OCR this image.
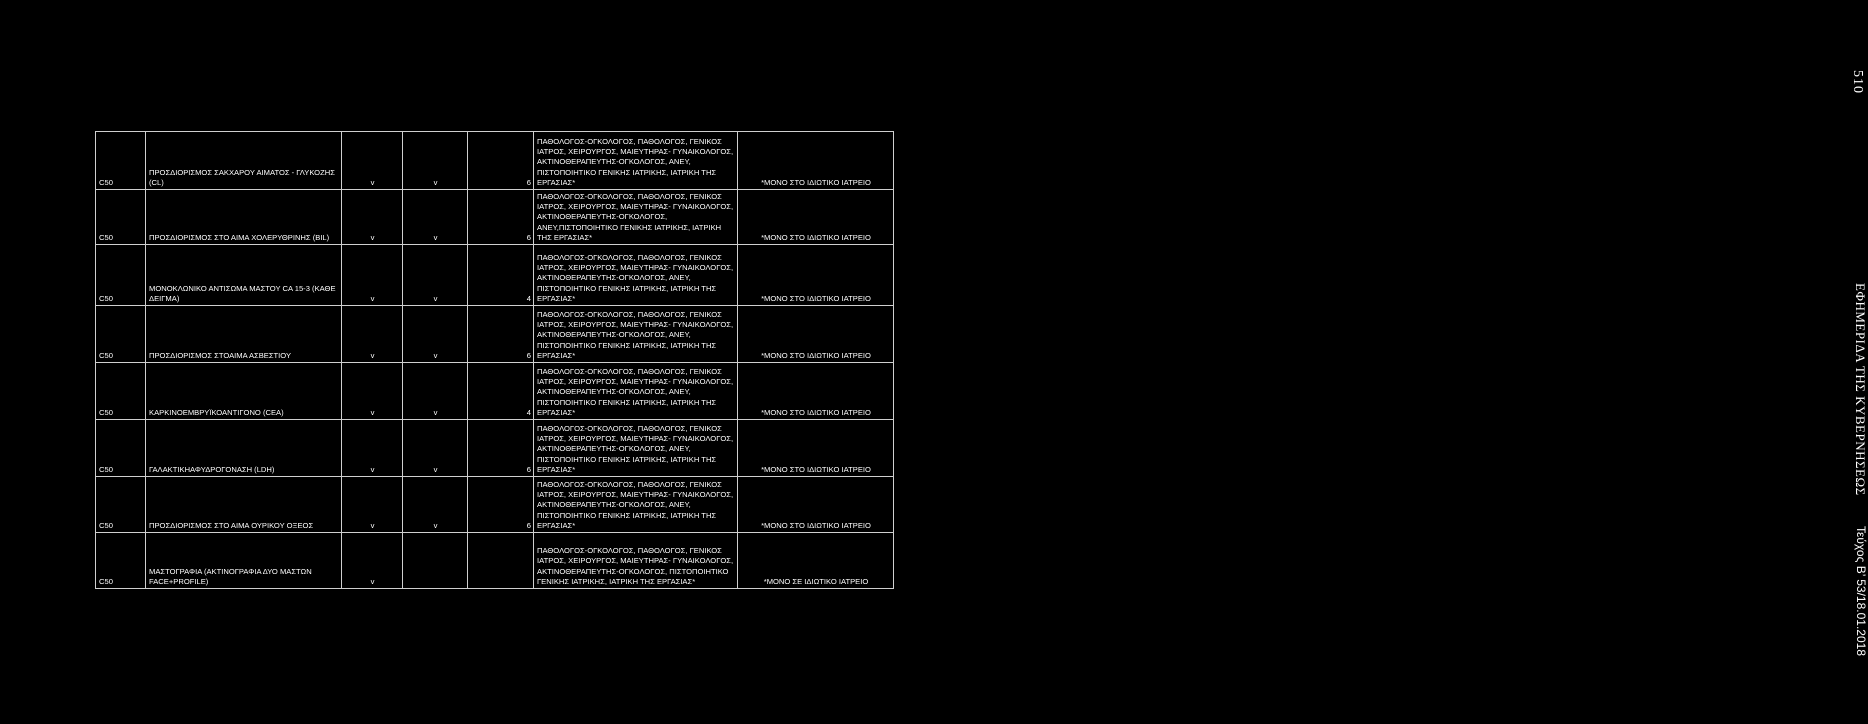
510
ΕΦΗΜΕΡΙΔΑ ΤΗΣ ΚΥΒΕΡΝΗΣΕΩΣ
Τεύχος Β’ 53/18.01.2018
C50	ΠΡΟΣΔΙΟΡΙΣΜΟΣ ΣΑΚΧΑΡΟΥ ΑΙΜΑΤΟΣ - ΓΛΥΚΟΖΗΣ (CL)	v	v	6	ΠΑΘΟΛΟΓΟΣ-ΟΓΚΟΛΟΓΟΣ, ΠΑΘΟΛΟΓΟΣ, ΓΕΝΙΚΟΣ ΙΑΤΡΟΣ, ΧΕΙΡΟΥΡΓΟΣ, ΜΑΙΕΥΤΗΡΑΣ- ΓΥΝΑΙΚΟΛΟΓΟΣ, ΑΚΤΙΝΟΘΕΡΑΠΕΥΤΗΣ-ΟΓΚΟΛΟΓΟΣ, ΑΝΕΥ, ΠΙΣΤΟΠΟΙΗΤΙΚΟ ΓΕΝΙΚΗΣ ΙΑΤΡΙΚΗΣ, ΙΑΤΡΙΚΗ ΤΗΣ ΕΡΓΑΣΙΑΣ*	*ΜΟΝΟ ΣΤΟ ΙΔΙΩΤΙΚΟ ΙΑΤΡΕΙΟ
C50	ΠΡΟΣΔΙΟΡΙΣΜΟΣ ΣΤΟ ΑΙΜΑ ΧΟΛΕΡΥΘΡΙΝΗΣ (BIL)	v	v	6	ΠΑΘΟΛΟΓΟΣ-ΟΓΚΟΛΟΓΟΣ, ΠΑΘΟΛΟΓΟΣ, ΓΕΝΙΚΟΣ ΙΑΤΡΟΣ, ΧΕΙΡΟΥΡΓΟΣ, ΜΑΙΕΥΤΗΡΑΣ- ΓΥΝΑΙΚΟΛΟΓΟΣ, ΑΚΤΙΝΟΘΕΡΑΠΕΥΤΗΣ-ΟΓΚΟΛΟΓΟΣ, ΑΝΕΥ,ΠΙΣΤΟΠΟΙΗΤΙΚΟ ΓΕΝΙΚΗΣ ΙΑΤΡΙΚΗΣ, ΙΑΤΡΙΚΗ ΤΗΣ ΕΡΓΑΣΙΑΣ*	*ΜΟΝΟ ΣΤΟ ΙΔΙΩΤΙΚΟ ΙΑΤΡΕΙΟ
C50	ΜΟΝΟΚΛΩΝΙΚΟ ΑΝΤΙΣΩΜΑ ΜΑΣΤΟΥ CA 15-3 (ΚΑΘΕ ΔΕΙΓΜΑ)	v	v	4	ΠΑΘΟΛΟΓΟΣ-ΟΓΚΟΛΟΓΟΣ, ΠΑΘΟΛΟΓΟΣ, ΓΕΝΙΚΟΣ ΙΑΤΡΟΣ, ΧΕΙΡΟΥΡΓΟΣ, ΜΑΙΕΥΤΗΡΑΣ- ΓΥΝΑΙΚΟΛΟΓΟΣ, ΑΚΤΙΝΟΘΕΡΑΠΕΥΤΗΣ-ΟΓΚΟΛΟΓΟΣ, ΑΝΕΥ, ΠΙΣΤΟΠΟΙΗΤΙΚΟ ΓΕΝΙΚΗΣ ΙΑΤΡΙΚΗΣ, ΙΑΤΡΙΚΗ ΤΗΣ ΕΡΓΑΣΙΑΣ*	*ΜΟΝΟ ΣΤΟ ΙΔΙΩΤΙΚΟ ΙΑΤΡΕΙΟ
C50	ΠΡΟΣΔΙΟΡΙΣΜΟΣ ΣΤΟΑΙΜΑ ΑΣΒΕΣΤΙΟΥ	v	v	6	ΠΑΘΟΛΟΓΟΣ-ΟΓΚΟΛΟΓΟΣ, ΠΑΘΟΛΟΓΟΣ, ΓΕΝΙΚΟΣ ΙΑΤΡΟΣ, ΧΕΙΡΟΥΡΓΟΣ, ΜΑΙΕΥΤΗΡΑΣ- ΓΥΝΑΙΚΟΛΟΓΟΣ, ΑΚΤΙΝΟΘΕΡΑΠΕΥΤΗΣ-ΟΓΚΟΛΟΓΟΣ, ΑΝΕΥ, ΠΙΣΤΟΠΟΙΗΤΙΚΟ ΓΕΝΙΚΗΣ ΙΑΤΡΙΚΗΣ, ΙΑΤΡΙΚΗ ΤΗΣ ΕΡΓΑΣΙΑΣ*	*ΜΟΝΟ ΣΤΟ ΙΔΙΩΤΙΚΟ ΙΑΤΡΕΙΟ
C50	ΚΑΡΚΙΝΟΕΜΒΡΥΪΚΟΑΝΤΙΓΟΝΟ (CEA)	v	v	4	ΠΑΘΟΛΟΓΟΣ-ΟΓΚΟΛΟΓΟΣ, ΠΑΘΟΛΟΓΟΣ, ΓΕΝΙΚΟΣ ΙΑΤΡΟΣ, ΧΕΙΡΟΥΡΓΟΣ, ΜΑΙΕΥΤΗΡΑΣ- ΓΥΝΑΙΚΟΛΟΓΟΣ, ΑΚΤΙΝΟΘΕΡΑΠΕΥΤΗΣ-ΟΓΚΟΛΟΓΟΣ, ΑΝΕΥ, ΠΙΣΤΟΠΟΙΗΤΙΚΟ ΓΕΝΙΚΗΣ ΙΑΤΡΙΚΗΣ, ΙΑΤΡΙΚΗ ΤΗΣ ΕΡΓΑΣΙΑΣ*	*ΜΟΝΟ ΣΤΟ ΙΔΙΩΤΙΚΟ ΙΑΤΡΕΙΟ
C50	ΓΑΛΑΚΤΙΚΗΑΦΥΔΡΟΓΟΝΑΣΗ (LDH)	v	v	6	ΠΑΘΟΛΟΓΟΣ-ΟΓΚΟΛΟΓΟΣ, ΠΑΘΟΛΟΓΟΣ, ΓΕΝΙΚΟΣ ΙΑΤΡΟΣ, ΧΕΙΡΟΥΡΓΟΣ, ΜΑΙΕΥΤΗΡΑΣ- ΓΥΝΑΙΚΟΛΟΓΟΣ, ΑΚΤΙΝΟΘΕΡΑΠΕΥΤΗΣ-ΟΓΚΟΛΟΓΟΣ, ΑΝΕΥ, ΠΙΣΤΟΠΟΙΗΤΙΚΟ ΓΕΝΙΚΗΣ ΙΑΤΡΙΚΗΣ, ΙΑΤΡΙΚΗ ΤΗΣ ΕΡΓΑΣΙΑΣ*	*ΜΟΝΟ ΣΤΟ ΙΔΙΩΤΙΚΟ ΙΑΤΡΕΙΟ
C50	ΠΡΟΣΔΙΟΡΙΣΜΟΣ ΣΤΟ ΑΙΜΑ ΟΥΡΙΚΟΥ ΟΞΕΟΣ	v	v	6	ΠΑΘΟΛΟΓΟΣ-ΟΓΚΟΛΟΓΟΣ, ΠΑΘΟΛΟΓΟΣ, ΓΕΝΙΚΟΣ ΙΑΤΡΟΣ, ΧΕΙΡΟΥΡΓΟΣ, ΜΑΙΕΥΤΗΡΑΣ- ΓΥΝΑΙΚΟΛΟΓΟΣ, ΑΚΤΙΝΟΘΕΡΑΠΕΥΤΗΣ-ΟΓΚΟΛΟΓΟΣ, ΑΝΕΥ, ΠΙΣΤΟΠΟΙΗΤΙΚΟ ΓΕΝΙΚΗΣ ΙΑΤΡΙΚΗΣ, ΙΑΤΡΙΚΗ ΤΗΣ ΕΡΓΑΣΙΑΣ*	*ΜΟΝΟ ΣΤΟ ΙΔΙΩΤΙΚΟ ΙΑΤΡΕΙΟ
C50	ΜΑΣΤΟΓΡΑΦΙΑ (ΑΚΤΙΝΟΓΡΑΦΙΑ ΔΥΟ ΜΑΣΤΩΝ FACE+PROFILE)	v			ΠΑΘΟΛΟΓΟΣ-ΟΓΚΟΛΟΓΟΣ, ΠΑΘΟΛΟΓΟΣ, ΓΕΝΙΚΟΣ ΙΑΤΡΟΣ, ΧΕΙΡΟΥΡΓΟΣ, ΜΑΙΕΥΤΗΡΑΣ- ΓΥΝΑΙΚΟΛΟΓΟΣ, ΑΚΤΙΝΟΘΕΡΑΠΕΥΤΗΣ-ΟΓΚΟΛΟΓΟΣ, ΠΙΣΤΟΠΟΙΗΤΙΚΟ ΓΕΝΙΚΗΣ ΙΑΤΡΙΚΗΣ, ΙΑΤΡΙΚΗ ΤΗΣ ΕΡΓΑΣΙΑΣ*	*ΜΟΝΟ ΣΕ ΙΔΙΩΤΙΚΟ ΙΑΤΡΕΙΟ
